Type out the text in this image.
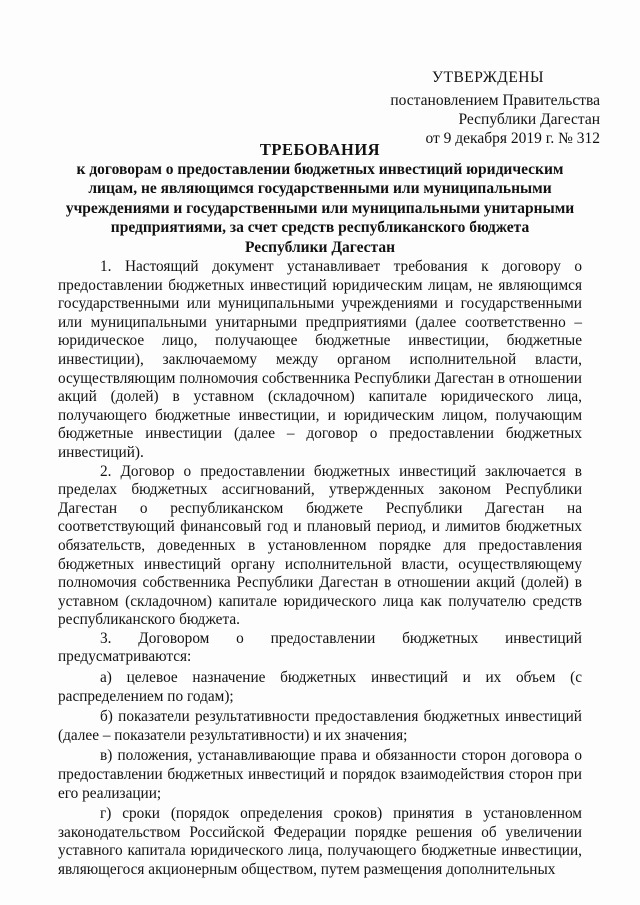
УТВЕРЖДЕНЫ
постановлением Правительства
Республики Дагестан
от 9 декабря 2019 г. № 312
ТРЕБОВАНИЯ
к договорам о предоставлении бюджетных инвестиций юридическим
лицам, не являющимся государственными или муниципальными
учреждениями и государственными или муниципальными унитарными
предприятиями, за счет средств республиканского бюджета
Республики Дагестан

1. Настоящий документ устанавливает требования к договору о предоставлении бюджетных инвестиций юридическим лицам, не являющимся государственными или муниципальными учреждениями и государственными или муниципальными унитарными предприятиями (далее соответственно – юридическое лицо, получающее бюджетные инвестиции, бюджетные инвестиции), заключаемому между органом исполнительной власти, осуществляющим полномочия собственника Республики Дагестан в отношении акций (долей) в уставном (складочном) капитале юридического лица, получающего бюджетные инвестиции, и юридическим лицом, получающим бюджетные инвестиции (далее – договор о предоставлении бюджетных инвестиций).

2. Договор о предоставлении бюджетных инвестиций заключается в пределах бюджетных ассигнований, утвержденных законом Республики Дагестан о республиканском бюджете Республики Дагестан на соответствующий финансовый год и плановый период, и лимитов бюджетных обязательств, доведенных в установленном порядке для предоставления бюджетных инвестиций органу исполнительной власти, осуществляющему полномочия собственника Республики Дагестан в отношении акций (долей) в уставном (складочном) капитале юридического лица как получателю средств республиканского бюджета.

3. Договором о предоставлении бюджетных инвестиций предусматриваются:

а) целевое назначение бюджетных инвестиций и их объем (с распределением по годам);

б) показатели результативности предоставления бюджетных инвестиций (далее – показатели результативности) и их значения;

в) положения, устанавливающие права и обязанности сторон договора о предоставлении бюджетных инвестиций и порядок взаимодействия сторон при его реализации;

г) сроки (порядок определения сроков) принятия в установленном законодательством Российской Федерации порядке решения об увеличении уставного капитала юридического лица, получающего бюджетные инвестиции, являющегося акционерным обществом, путем размещения дополнительных
